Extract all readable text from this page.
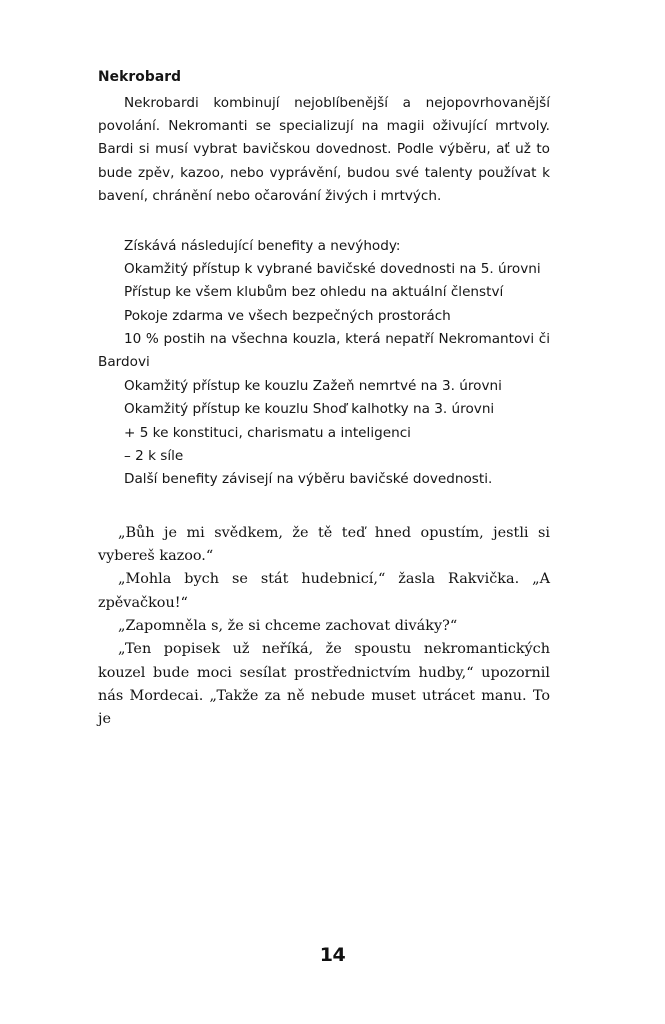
Nekrobard

Nekrobardi kombinují nejoblíbenější a nejopovrhovanější povolání. Nekromanti se specializují na magii oživující mrtvoly. Bardi si musí vybrat bavičskou dovednost. Podle výběru, ať už to bude zpěv, kazoo, nebo vyprávění, budou své talenty používat k bavení, chránění nebo očarování živých i mrtvých.

Získává následující benefity a nevýhody:

Okamžitý přístup k vybrané bavičské dovednosti na 5. úrovni

Přístup ke všem klubům bez ohledu na aktuální členství

Pokoje zdarma ve všech bezpečných prostorách

10 % postih na všechna kouzla, která nepatří Nekromantovi či Bardovi

Okamžitý přístup ke kouzlu Zažeň nemrtvé na 3. úrovni

Okamžitý přístup ke kouzlu Shoď kalhotky na 3. úrovni

+ 5 ke konstituci, charismatu a inteligenci

– 2 k síle

Další benefity závisejí na výběru bavičské dovednosti.

„Bůh je mi svědkem, že tě teď hned opustím, jestli si vybereš kazoo.“

„Mohla bych se stát hudebnicí,“ žasla Rakvička. „A zpěvačkou!“

„Zapomněla s, že si chceme zachovat diváky?“

„Ten popisek už neříká, že spoustu nekromantických kouzel bude moci sesílat prostřednictvím hudby,“ upozornil nás Mordecai. „Takže za ně nebude muset utrácet manu. To je

14
